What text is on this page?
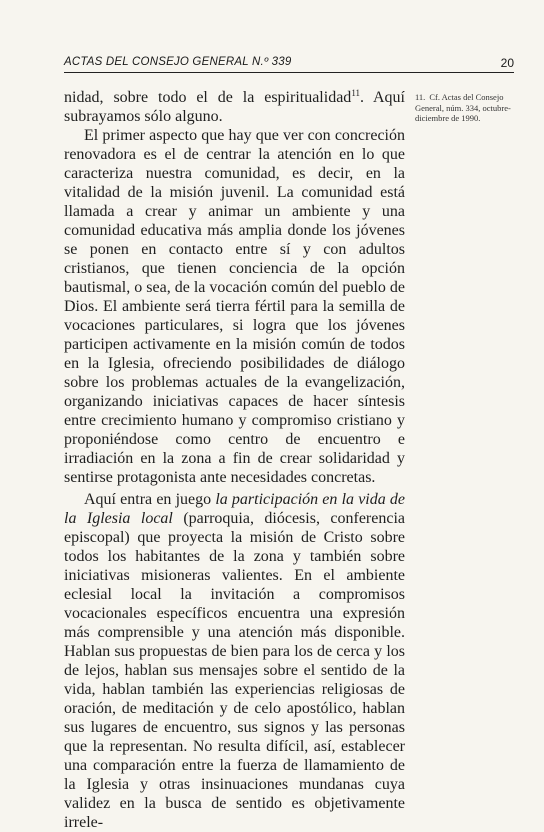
ACTAS DEL CONSEJO GENERAL N.º 339	20

nidad, sobre todo el de la espiritualidad$^{11}$. Aquí subrayamos sólo alguno.

El primer aspecto que hay que ver con concreción renovadora es el de centrar la atención en lo que caracteriza nuestra comunidad, es decir, en la vitalidad de la misión juvenil. La comunidad está llamada a crear y animar un ambiente y una comunidad educativa más amplia donde los jóvenes se ponen en contacto entre sí y con adultos cristianos, que tienen conciencia de la opción bautismal, o sea, de la vocación común del pueblo de Dios. El ambiente será tierra fértil para la semilla de vocaciones particulares, si logra que los jóvenes participen activamente en la misión común de todos en la Iglesia, ofreciendo posibilidades de diálogo sobre los problemas actuales de la evangelización, organizando iniciativas capaces de hacer síntesis entre crecimiento humano y compromiso cristiano y proponiéndose como centro de encuentro e irradiación en la zona a fin de crear solidaridad y sentirse protagonista ante necesidades concretas.

Aquí entra en juego la participación en la vida de la Iglesia local (parroquia, diócesis, conferencia episcopal) que proyecta la misión de Cristo sobre todos los habitantes de la zona y también sobre iniciativas misioneras valientes. En el ambiente eclesial local la invitación a compromisos vocacionales específicos encuentra una expresión más comprensible y una atención más disponible. Hablan sus propuestas de bien para los de cerca y los de lejos, hablan sus mensajes sobre el sentido de la vida, hablan también las experiencias religiosas de oración, de meditación y de celo apostólico, hablan sus lugares de encuentro, sus signos y las personas que la representan. No resulta difícil, así, establecer una comparación entre la fuerza de llamamiento de la Iglesia y otras insinuaciones mundanas cuya validez en la busca de sentido es objetivamente irrele-

11. Cf. Actas del Consejo General, núm. 334, octubre-diciembre de 1990.
